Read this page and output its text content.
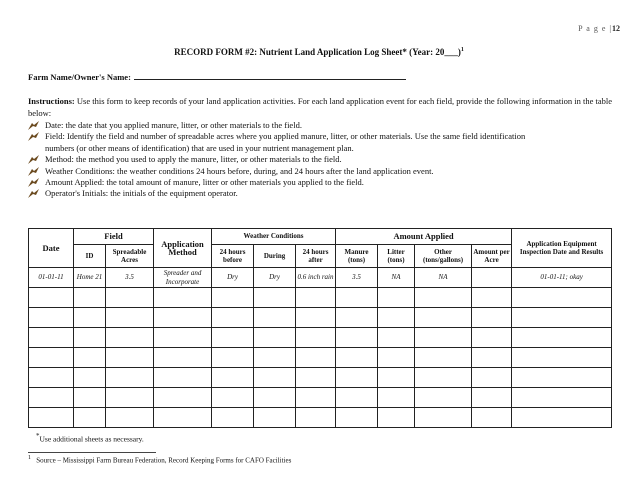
P a g e |12
RECORD FORM #2: Nutrient Land Application Log Sheet* (Year: 20___)$^1$
Farm Name/Owner's Name:
Instructions: Use this form to keep records of your land application activities. For each land application event for each field, provide the following information in the table below:
Date: the date that you applied manure, litter, or other materials to the field.
Field: Identify the field and number of spreadable acres where you applied manure, litter, or other materials. Use the same field identification
numbers (or other means of identification) that are used in your nutrient management plan.
Method: the method you used to apply the manure, litter, or other materials to the field.
Weather Conditions: the weather conditions 24 hours before, during, and 24 hours after the land application event.
Amount Applied: the total amount of manure, litter or other materials you applied to the field.
Operator's Initials: the initials of the equipment operator.
Date	Field		Application Method	Weather Conditions			Amount Applied				Application Equipment Inspection Date and Results
	ID	Spreadable Acres		24 hours before	During	24 hours after	Manure (tons)	Litter (tons)	Other (tons/gallons)	Amount per Acre	
01-01-11	Home 21	3.5	Spreader and Incorporate	Dry	Dry	0.6 inch rain	3.5	NA	NA		01-01-11; okay

*Use additional sheets as necessary.
$^1$ Source – Mississippi Farm Bureau Federation, Record Keeping Forms for CAFO Facilities
